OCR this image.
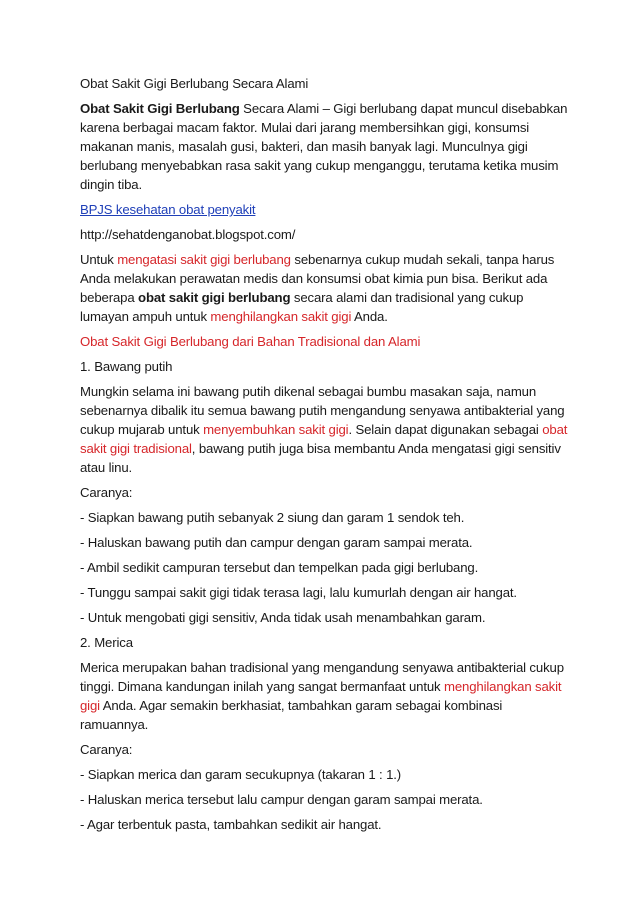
Obat Sakit Gigi Berlubang Secara Alami

Obat Sakit Gigi Berlubang Secara Alami – Gigi berlubang dapat muncul disebabkan karena berbagai macam faktor. Mulai dari jarang membersihkan gigi, konsumsi makanan manis, masalah gusi, bakteri, dan masih banyak lagi. Munculnya gigi berlubang menyebabkan rasa sakit yang cukup menganggu, terutama ketika musim dingin tiba.

BPJS kesehatan obat penyakit

http://sehatdenganobat.blogspot.com/

Untuk mengatasi sakit gigi berlubang sebenarnya cukup mudah sekali, tanpa harus Anda melakukan perawatan medis dan konsumsi obat kimia pun bisa. Berikut ada beberapa obat sakit gigi berlubang secara alami dan tradisional yang cukup lumayan ampuh untuk menghilangkan sakit gigi Anda.

Obat Sakit Gigi Berlubang dari Bahan Tradisional dan Alami

1. Bawang putih

Mungkin selama ini bawang putih dikenal sebagai bumbu masakan saja, namun sebenarnya dibalik itu semua bawang putih mengandung senyawa antibakterial yang cukup mujarab untuk menyembuhkan sakit gigi. Selain dapat digunakan sebagai obat sakit gigi tradisional, bawang putih juga bisa membantu Anda mengatasi gigi sensitiv atau linu.

Caranya:

- Siapkan bawang putih sebanyak 2 siung dan garam 1 sendok teh.

- Haluskan bawang putih dan campur dengan garam sampai merata.

- Ambil sedikit campuran tersebut dan tempelkan pada gigi berlubang.

- Tunggu sampai sakit gigi tidak terasa lagi, lalu kumurlah dengan air hangat.

- Untuk mengobati gigi sensitiv, Anda tidak usah menambahkan garam.

2. Merica

Merica merupakan bahan tradisional yang mengandung senyawa antibakterial cukup tinggi. Dimana kandungan inilah yang sangat bermanfaat untuk menghilangkan sakit gigi Anda. Agar semakin berkhasiat, tambahkan garam sebagai kombinasi ramuannya.

Caranya:

- Siapkan merica dan garam secukupnya (takaran 1 : 1.)

- Haluskan merica tersebut lalu campur dengan garam sampai merata.

- Agar terbentuk pasta, tambahkan sedikit air hangat.
